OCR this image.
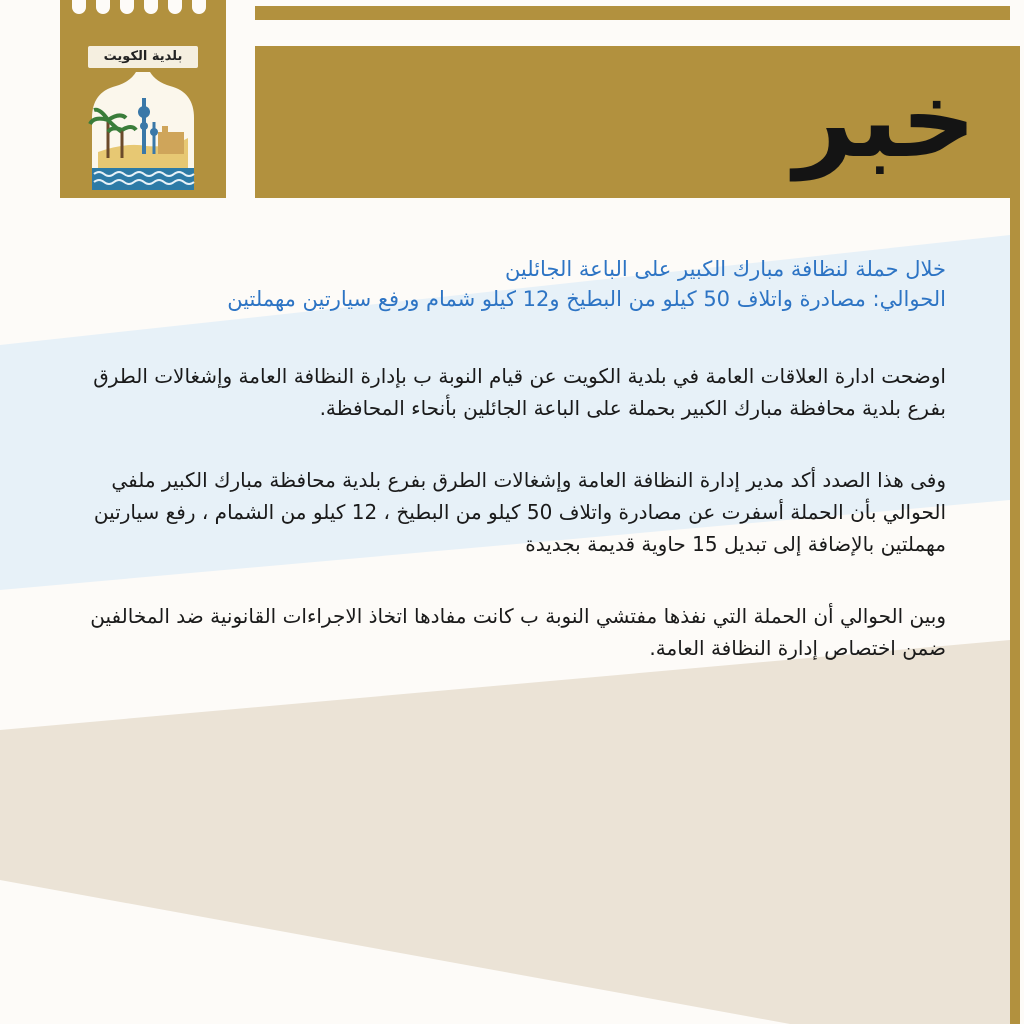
بلدية الكويت
خبر
خلال حملة لنظافة مبارك الكبير على الباعة الجائلين
الحوالي: مصادرة واتلاف 50 كيلو من البطيخ و12 كيلو شمام ورفع سيارتين مهملتين

اوضحت ادارة العلاقات العامة في بلدية الكويت عن قيام النوبة ب بإدارة النظافة العامة وإشغالات الطرق بفرع بلدية محافظة مبارك الكبير بحملة على الباعة الجائلين بأنحاء المحافظة.

وفى هذا الصدد أكد مدير إدارة النظافة العامة وإشغالات الطرق بفرع بلدية محافظة مبارك الكبير ملفي الحوالي بأن الحملة أسفرت عن مصادرة واتلاف 50 كيلو من البطيخ ، 12 كيلو من الشمام ، رفع سيارتين مهملتين بالإضافة إلى تبديل 15 حاوية قديمة بجديدة

وبين الحوالي أن الحملة التي نفذها مفتشي النوبة ب كانت مفادها اتخاذ الاجراءات القانونية ضد المخالفين ضمن اختصاص إدارة النظافة العامة.
